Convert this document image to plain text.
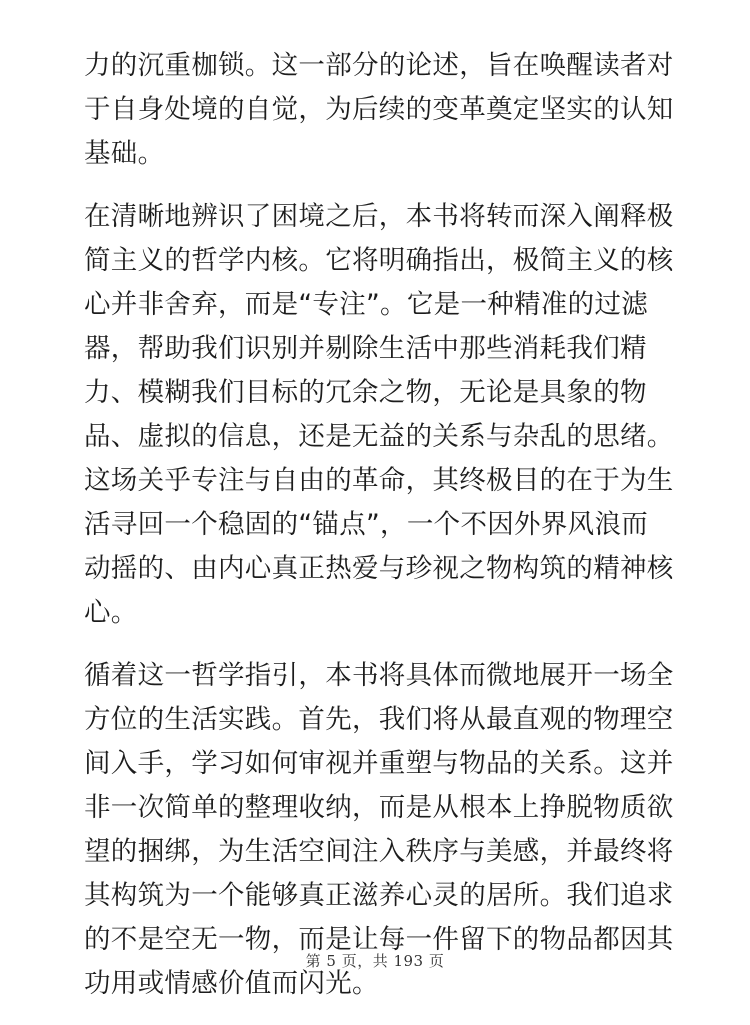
力的沉重枷锁。这一部分的论述，旨在唤醒读者对
于自身处境的自觉，为后续的变革奠定坚实的认知
基础。

在清晰地辨识了困境之后，本书将转而深入阐释极
简主义的哲学内核。它将明确指出，极简主义的核
心并非舍弃，而是“专注”。它是一种精准的过滤
器，帮助我们识别并剔除生活中那些消耗我们精
力、模糊我们目标的冗余之物，无论是具象的物
品、虚拟的信息，还是无益的关系与杂乱的思绪。
这场关乎专注与自由的革命，其终极目的在于为生
活寻回一个稳固的“锚点”，一个不因外界风浪而
动摇的、由内心真正热爱与珍视之物构筑的精神核
心。

循着这一哲学指引，本书将具体而微地展开一场全
方位的生活实践。首先，我们将从最直观的物理空
间入手，学习如何审视并重塑与物品的关系。这并
非一次简单的整理收纳，而是从根本上挣脱物质欲
望的捆绑，为生活空间注入秩序与美感，并最终将
其构筑为一个能够真正滋养心灵的居所。我们追求
的不是空无一物，而是让每一件留下的物品都因其
功用或情感价值而闪光。

第 5 页，共 193 页
